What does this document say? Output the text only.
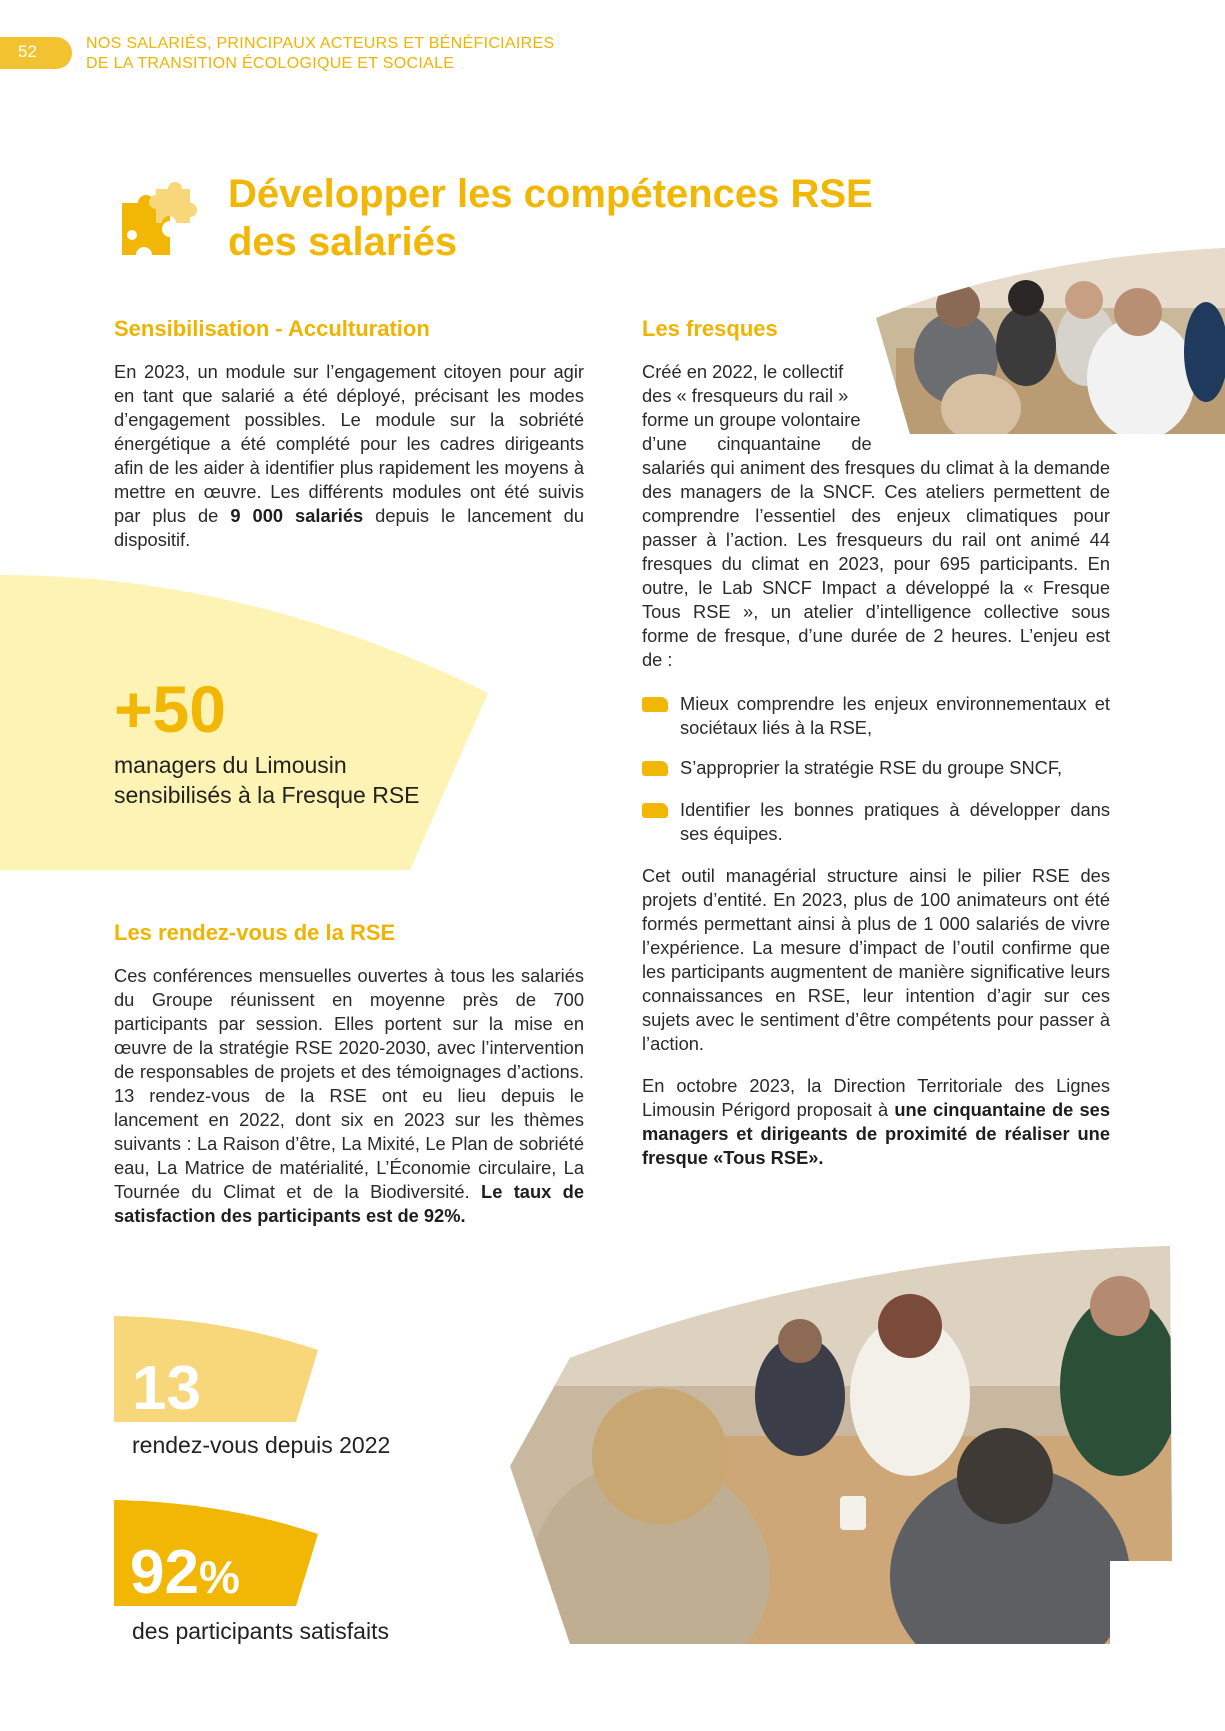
52	NOS SALARIÉS, PRINCIPAUX ACTEURS ET BÉNÉFICIAIRES
DE LA TRANSITION ÉCOLOGIQUE ET SOCIALE
Développer les compétences RSE
des salariés
Sensibilisation - Acculturation
En 2023, un module sur l’engagement citoyen pour agir en tant que salarié a été déployé, précisant les modes d’engagement possibles. Le module sur la sobriété énergétique a été complété pour les cadres dirigeants afin de les aider à identifier plus rapidement les moyens à mettre en œuvre. Les différents modules ont été suivis par plus de 9 000 salariés depuis le lancement du dispositif.
+50
managers du Limousin
sensibilisés à la Fresque RSE
Les rendez-vous de la RSE
Ces conférences mensuelles ouvertes à tous les salariés du Groupe réunissent en moyenne près de 700 participants par session. Elles portent sur la mise en œuvre de la stratégie RSE 2020-2030, avec l’intervention de responsables de projets et des témoignages d’actions. 13 rendez-vous de la RSE ont eu lieu depuis le lancement en 2022, dont six en 2023 sur les thèmes suivants : La Raison d’être, La Mixité, Le Plan de sobriété eau, La Matrice de matérialité, L’Économie circulaire, La Tournée du Climat et de la Biodiversité. Le taux de satisfaction des participants est de 92%.
13
rendez-vous depuis 2022
92%
des participants satisfaits
Les fresques
Créé en 2022, le collectif
des « fresqueurs du rail »
forme un groupe volontaire
d’une      cinquantaine      de
salariés qui animent des fresques du climat à la demande des managers de la SNCF. Ces ateliers permettent de comprendre l’essentiel des enjeux climatiques pour passer à l’action. Les fresqueurs du rail ont animé 44 fresques du climat en 2023, pour 695 participants. En outre, le Lab SNCF Impact a développé la « Fresque Tous RSE », un atelier d’intelligence collective sous forme de fresque, d’une durée de 2 heures. L’enjeu est de :
Mieux comprendre les enjeux environnementaux et sociétaux liés à la RSE,
S’approprier la stratégie RSE du groupe SNCF,
Identifier les bonnes pratiques à développer dans ses équipes.
Cet outil managérial structure ainsi le pilier RSE des projets d’entité. En 2023, plus de 100 animateurs ont été formés permettant ainsi à plus de 1 000 salariés de vivre l’expérience. La mesure d’impact de l’outil confirme que les participants augmentent de manière significative leurs connaissances en RSE, leur intention d’agir sur ces sujets avec le sentiment d’être compétents pour passer à l’action.
En octobre 2023, la Direction Territoriale des Lignes Limousin Périgord proposait à une cinquantaine de ses managers et dirigeants de proximité de réaliser une fresque «Tous RSE».
